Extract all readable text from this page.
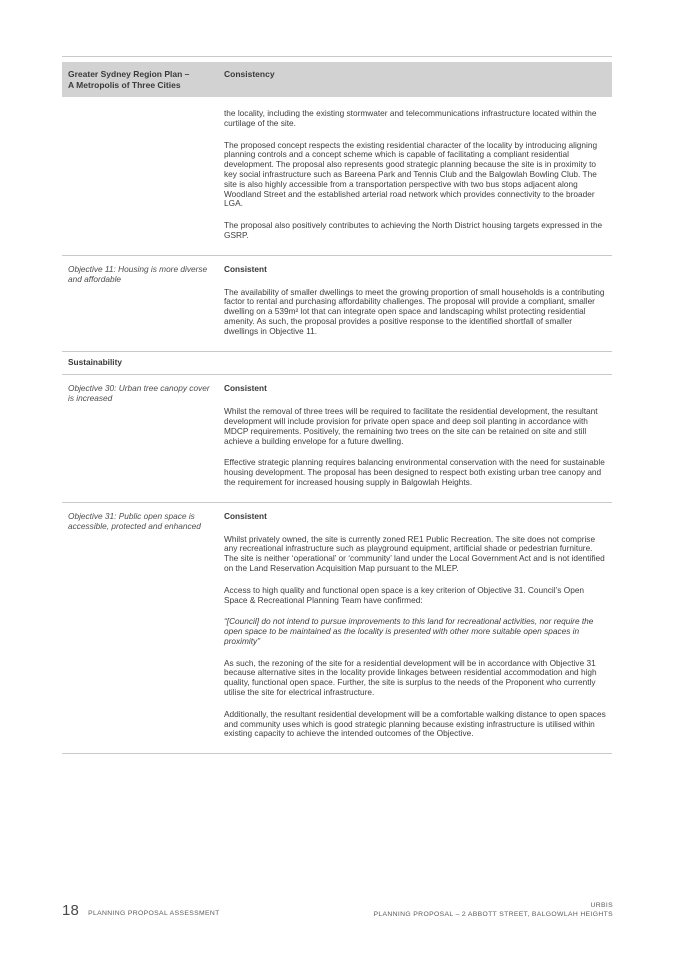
Greater Sydney Region Plan –
A Metropolis of Three Cities
Consistency

the locality, including the existing stormwater and telecommunications infrastructure located within the curtilage of the site.

The proposed concept respects the existing residential character of the locality by introducing aligning planning controls and a concept scheme which is capable of facilitating a compliant residential development. The proposal also represents good strategic planning because the site is in proximity to key social infrastructure such as Bareena Park and Tennis Club and the Balgowlah Bowling Club. The site is also highly accessible from a transportation perspective with two bus stops adjacent along Woodland Street and the established arterial road network which provides connectivity to the broader LGA.

The proposal also positively contributes to achieving the North District housing targets expressed in the GSRP.

Objective 11: Housing is more diverse and affordable

Consistent

The availability of smaller dwellings to meet the growing proportion of small households is a contributing factor to rental and purchasing affordability challenges. The proposal will provide a compliant, smaller dwelling on a 539m² lot that can integrate open space and landscaping whilst protecting residential amenity. As such, the proposal provides a positive response to the identified shortfall of smaller dwellings in Objective 11.

Sustainability
Objective 30: Urban tree canopy cover is increased

Consistent

Whilst the removal of three trees will be required to facilitate the residential development, the resultant development will include provision for private open space and deep soil planting in accordance with MDCP requirements. Positively, the remaining two trees on the site can be retained on site and still achieve a building envelope for a future dwelling.

Effective strategic planning requires balancing environmental conservation with the need for sustainable housing development. The proposal has been designed to respect both existing urban tree canopy and the requirement for increased housing supply in Balgowlah Heights.

Objective 31: Public open space is accessible, protected and enhanced

Consistent

Whilst privately owned, the site is currently zoned RE1 Public Recreation. The site does not comprise any recreational infrastructure such as playground equipment, artificial shade or pedestrian furniture. The site is neither ‘operational’ or ‘community’ land under the Local Government Act and is not identified on the Land Reservation Acquisition Map pursuant to the MLEP.

Access to high quality and functional open space is a key criterion of Objective 31. Council’s Open Space & Recreational Planning Team have confirmed:

“[Council] do not intend to pursue improvements to this land for recreational activities, nor require the open space to be maintained as the locality is presented with other more suitable open spaces in proximity”

As such, the rezoning of the site for a residential development will be in accordance with Objective 31 because alternative sites in the locality provide linkages between residential accommodation and high quality, functional open space. Further, the site is surplus to the needs of the Proponent who currently utilise the site for electrical infrastructure.

Additionally, the resultant residential development will be a comfortable walking distance to open spaces and community uses which is good strategic planning because existing infrastructure is utilised within existing capacity to achieve the intended outcomes of the Objective.

18 PLANNING PROPOSAL ASSESSMENT
URBIS
PLANNING PROPOSAL – 2 ABBOTT STREET, BALGOWLAH HEIGHTS
